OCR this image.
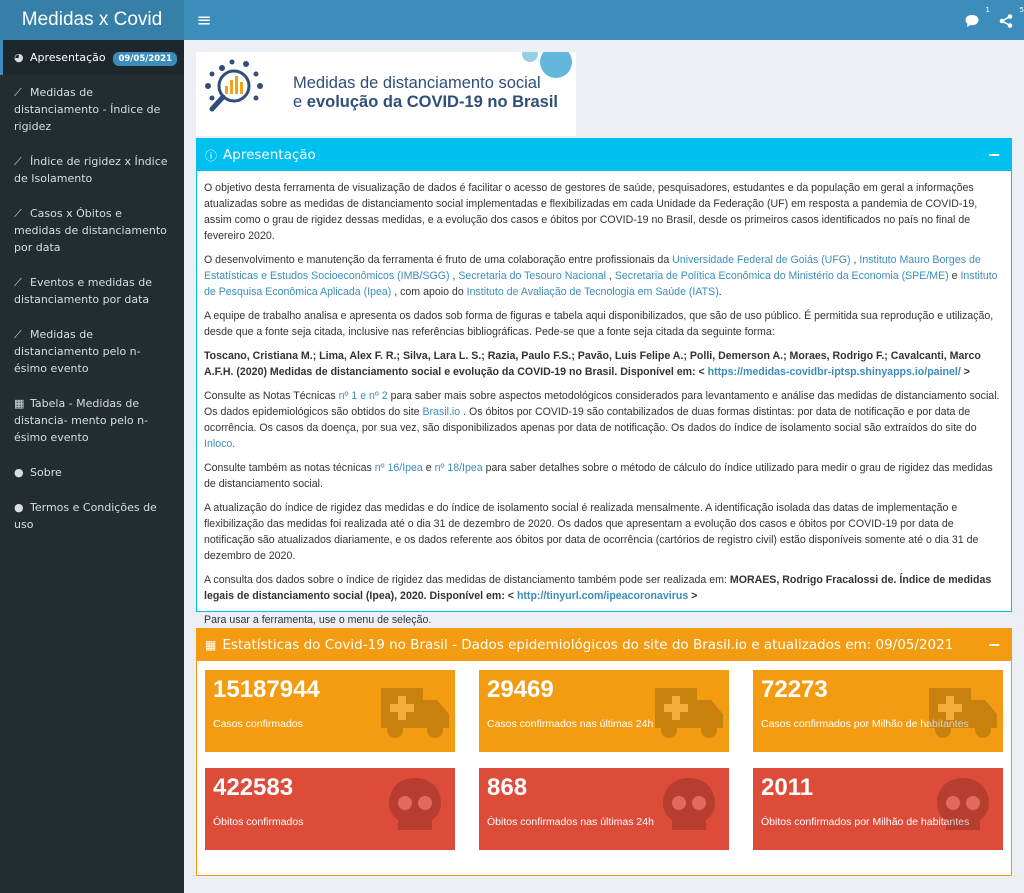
Medidas x Covid	≡	1	5
◕ Apresentação	09/05/2021
⟋ Medidas de distanciamento - Índice de rigidez
⟋ Índice de rigidez x Índice de Isolamento
⟋ Casos x Óbitos e medidas de distanciamento por data
⟋ Eventos e medidas de distanciamento por data
⟋ Medidas de distanciamento pelo n-ésimo evento
▦ Tabela - Medidas de distancia- mento pelo n-ésimo evento
● Sobre
● Termos e Condições de uso
Medidas de distanciamento social
e evolução da COVID-19 no Brasil
ⓘ Apresentação	−

O objetivo desta ferramenta de visualização de dados é facilitar o acesso de gestores de saúde, pesquisadores, estudantes e da população em geral a informações atualizadas sobre as medidas de distanciamento social implementadas e flexibilizadas em cada Unidade da Federação (UF) em resposta a pandemia de COVID-19, assim como o grau de rigidez dessas medidas, e a evolução dos casos e óbitos por COVID-19 no Brasil, desde os primeiros casos identificados no país no final de fevereiro 2020.

O desenvolvimento e manutenção da ferramenta é fruto de uma colaboração entre profissionais da Universidade Federal de Goiás (UFG) , Instituto Mauro Borges de Estatísticas e Estudos Socioeconômicos (IMB/SGG) , Secretaria do Tesouro Nacional , Secretaria de Política Econômica do Ministério da Economia (SPE/ME) e Instituto de Pesquisa Econômica Aplicada (Ipea) , com apoio do Instituto de Avaliação de Tecnologia em Saúde (IATS).

A equipe de trabalho analisa e apresenta os dados sob forma de figuras e tabela aqui disponibilizados, que são de uso público. É permitida sua reprodução e utilização, desde que a fonte seja citada, inclusive nas referências bibliográficas. Pede-se que a fonte seja citada da seguinte forma:

Toscano, Cristiana M.; Lima, Alex F. R.; Silva, Lara L. S.; Razia, Paulo F.S.; Pavão, Luis Felipe A.; Polli, Demerson A.; Moraes, Rodrigo F.; Cavalcanti, Marco A.F.H. (2020) Medidas de distanciamento social e evolução da COVID-19 no Brasil. Disponível em: < https://medidas-covidbr-iptsp.shinyapps.io/painel/ >

Consulte as Notas Técnicas nº 1 e nº 2 para saber mais sobre aspectos metodológicos considerados para levantamento e análise das medidas de distanciamento social. Os dados epidemiológicos são obtidos do site Brasil.io . Os óbitos por COVID-19 são contabilizados de duas formas distintas: por data de notificação e por data de ocorrência. Os casos da doença, por sua vez, são disponibilizados apenas por data de notificação. Os dados do índice de isolamento social são extraídos do site do Inloco.

Consulte também as notas técnicas nº 16/Ipea e nº 18/Ipea para saber detalhes sobre o método de cálculo do índice utilizado para medir o grau de rigidez das medidas de distanciamento social.

A atualização do índice de rigidez das medidas e do índice de isolamento social é realizada mensalmente. A identificação isolada das datas de implementação e flexibilização das medidas foi realizada até o dia 31 de dezembro de 2020. Os dados que apresentam a evolução dos casos e óbitos por COVID-19 por data de notificação são atualizados diariamente, e os dados referente aos óbitos por data de ocorrência (cartórios de registro civil) estão disponíveis somente até o dia 31 de dezembro de 2020.

A consulta dos dados sobre o índice de rigidez das medidas de distanciamento também pode ser realizada em: MORAES, Rodrigo Fracalossi de. Índice de medidas legais de distanciamento social (Ipea), 2020. Disponível em: < http://tinyurl.com/ipeacoronavirus >

Para usar a ferramenta, use o menu de seleção.

▦ Estatísticas do Covid-19 no Brasil - Dados epidemiológicos do site do Brasil.io e atualizados em: 09/05/2021 −
15187944
Casos confirmados
29469
Casos confirmados nas últimas 24h
72273
Casos confirmados por Milhão de habitantes
422583
Óbitos confirmados
868
Óbitos confirmados nas últimas 24h
2011
Óbitos confirmados por Milhão de habitantes
